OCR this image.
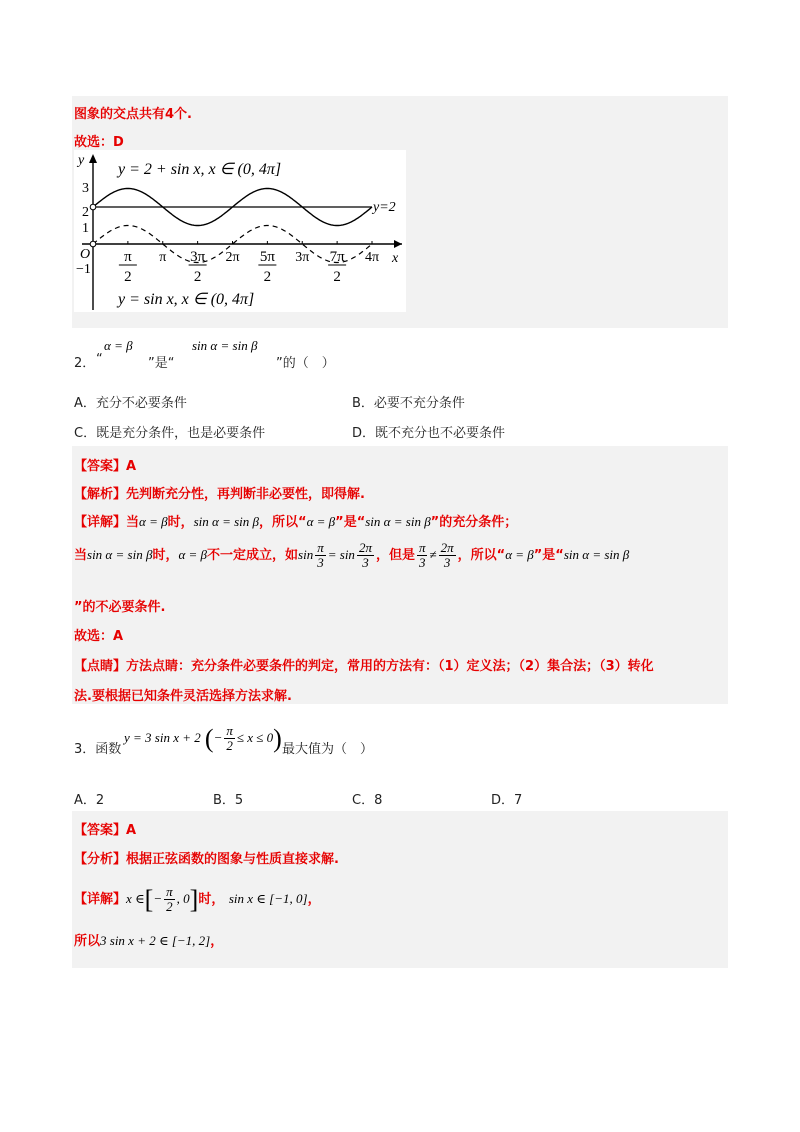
图象的交点共有4个.
故选：D
y
y = 2 + sin x, x ∈ (0, 4π]
y=2
3
2
1
O
−1
x
π
2
π 3π
2
2π 5π
2
3π 7π
2
4π
y = sin x, x ∈ (0, 4π]
2． “
α = β
”是“
sin α = sin β
”的（　）
A．充分不必要条件	B．必要不充分条件
C．既是充分条件，也是必要条件	D．既不充分也不必要条件
【答案】A
【解析】先判断充分性，再判断非必要性，即得解.
【详解】当α = β时，sin α = sin β，所以“α = β”是“sin α = sin β”的充分条件；
当sin α = sin β时，α = β不一定成立，如$\sin \frac{\pi}{3} = \sin \frac{2\pi}{3}$ ，但是 $\frac{\pi}{3} \ne \frac{2\pi}{3}$ ，所以“α = β”是“sin α = sin β
”的不必要条件.
故选：A
【点睛】方法点睛：充分条件必要条件的判定，常用的方法有：（1）定义法；（2）集合法；（3）转化
法.要根据已知条件灵活选择方法求解.
3．函数
y = 3 sin x + 2 (− $\frac{\pi}{2} \le x \le 0$) 最大值为（　）
A．2	B．5	C．8	D．7
【答案】A
【分析】根据正弦函数的图象与性质直接求解.
【详解】x ∈[− $\frac{\pi}{2}$ , 0]时， sin x ∈ [−1, 0]，
所以3 sin x + 2 ∈ [−1, 2]，
